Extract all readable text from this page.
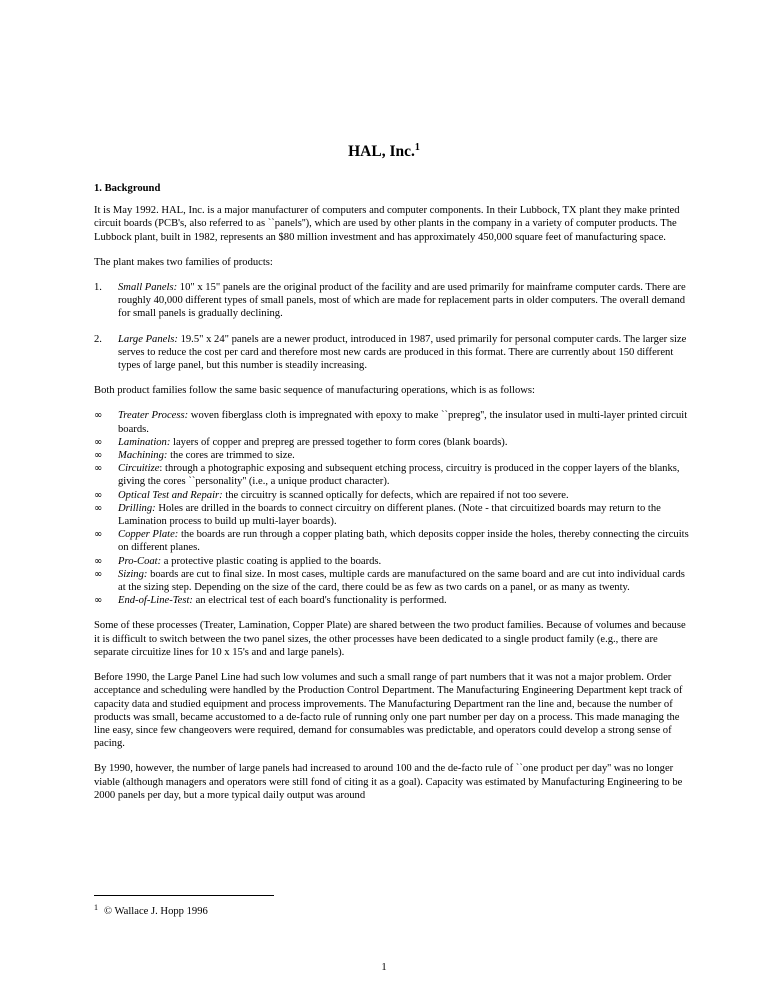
HAL, Inc.$^1$
1. Background

It is May 1992. HAL, Inc. is a major manufacturer of computers and computer components. In their Lubbock, TX plant they make printed circuit boards (PCB's, also referred to as ``panels''), which are used by other plants in the company in a variety of computer products. The Lubbock plant, built in 1982, represents an $80 million investment and has approximately 450,000 square feet of manufacturing space.

The plant makes two families of products:

1. Small Panels: 10" x 15" panels are the original product of the facility and are used primarily for mainframe computer cards. There are roughly 40,000 different types of small panels, most of which are made for replacement parts in older computers. The overall demand for small panels is gradually declining.
2. Large Panels: 19.5" x 24" panels are a newer product, introduced in 1987, used primarily for personal computer cards. The larger size serves to reduce the cost per card and therefore most new cards are produced in this format. There are currently about 150 different types of large panel, but this number is steadily increasing.

Both product families follow the same basic sequence of manufacturing operations, which is as follows:

∞ Treater Process: woven fiberglass cloth is impregnated with epoxy to make ``prepreg'', the insulator used in multi-layer printed circuit boards.
∞ Lamination: layers of copper and prepreg are pressed together to form cores (blank boards).
∞ Machining: the cores are trimmed to size.
∞ Circuitize: through a photographic exposing and subsequent etching process, circuitry is produced in the copper layers of the blanks, giving the cores ``personality'' (i.e., a unique product character).
∞ Optical Test and Repair: the circuitry is scanned optically for defects, which are repaired if not too severe.
∞ Drilling: Holes are drilled in the boards to connect circuitry on different planes. (Note - that circuitized boards may return to the Lamination process to build up multi-layer boards).
∞ Copper Plate: the boards are run through a copper plating bath, which deposits copper inside the holes, thereby connecting the circuits on different planes.
∞ Pro-Coat: a protective plastic coating is applied to the boards.
∞ Sizing: boards are cut to final size. In most cases, multiple cards are manufactured on the same board and are cut into individual cards at the sizing step. Depending on the size of the card, there could be as few as two cards on a panel, or as many as twenty.
∞ End-of-Line-Test: an electrical test of each board's functionality is performed.

Some of these processes (Treater, Lamination, Copper Plate) are shared between the two product families. Because of volumes and because it is difficult to switch between the two panel sizes, the other processes have been dedicated to a single product family (e.g., there are separate circuitize lines for 10 x 15's and and large panels).

Before 1990, the Large Panel Line had such low volumes and such a small range of part numbers that it was not a major problem. Order acceptance and scheduling were handled by the Production Control Department. The Manufacturing Engineering Department kept track of capacity data and studied equipment and process improvements. The Manufacturing Department ran the line and, because the number of products was small, became accustomed to a de-facto rule of running only one part number per day on a process. This made managing the line easy, since few changeovers were required, demand for consumables was predictable, and operators could develop a strong sense of pacing.

By 1990, however, the number of large panels had increased to around 100 and the de-facto rule of ``one product per day'' was no longer viable (although managers and operators were still fond of citing it as a goal). Capacity was estimated by Manufacturing Engineering to be 2000 panels per day, but a more typical daily output was around

$^1$ © Wallace J. Hopp 1996
1
